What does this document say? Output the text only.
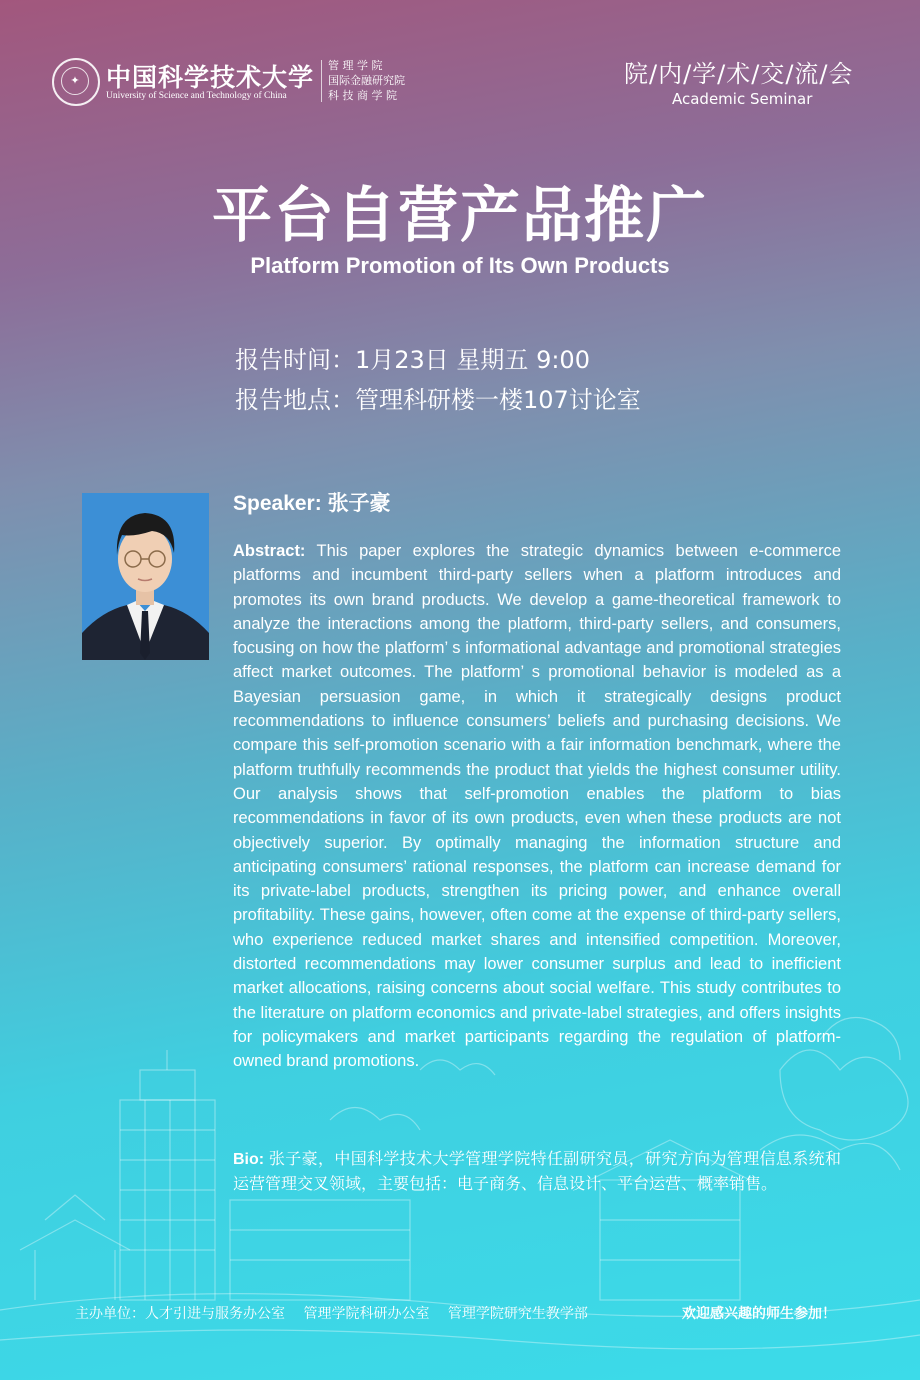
✦	中国科学技术大学
University of Science and Technology of China
管 理 学 院
国际金融研究院
科 技 商 学 院
院/内/学/术/交/流/会
Academic Seminar
平台自营产品推广
Platform Promotion of Its Own Products
报告时间：1月23日 星期五 9:00
报告地点：管理科研楼一楼107讨论室
Speaker: 张子豪
Abstract: This paper explores the strategic dynamics between e-commerce platforms and incumbent third-party sellers when a platform introduces and promotes its own brand products. We develop a game-theoretical framework to analyze the interactions among the platform, third-party sellers, and consumers, focusing on how the platform’ s informational advantage and promotional strategies affect market outcomes. The platform’ s promotional behavior is modeled as a Bayesian persuasion game, in which it strategically designs product recommendations to influence consumers’ beliefs and purchasing decisions. We compare this self-promotion scenario with a fair information benchmark, where the platform truthfully recommends the product that yields the highest consumer utility. Our analysis shows that self-promotion enables the platform to bias recommendations in favor of its own products, even when these products are not objectively superior. By optimally managing the information structure and anticipating consumers’ rational responses, the platform can increase demand for its private-label products, strengthen its pricing power, and enhance overall profitability. These gains, however, often come at the expense of third-party sellers, who experience reduced market shares and intensified competition. Moreover, distorted recommendations may lower consumer surplus and lead to inefficient market allocations, raising concerns about social welfare. This study contributes to the literature on platform economics and private-label strategies, and offers insights for policymakers and market participants regarding the regulation of platform-owned brand promotions.
Bio: 张子豪，中国科学技术大学管理学院特任副研究员，研究方向为管理信息系统和运营管理交叉领域，主要包括：电子商务、信息设计、平台运营、概率销售。
主办单位：人才引进与服务办公室 管理学院科研办公室 管理学院研究生教学部	欢迎感兴趣的师生参加！
